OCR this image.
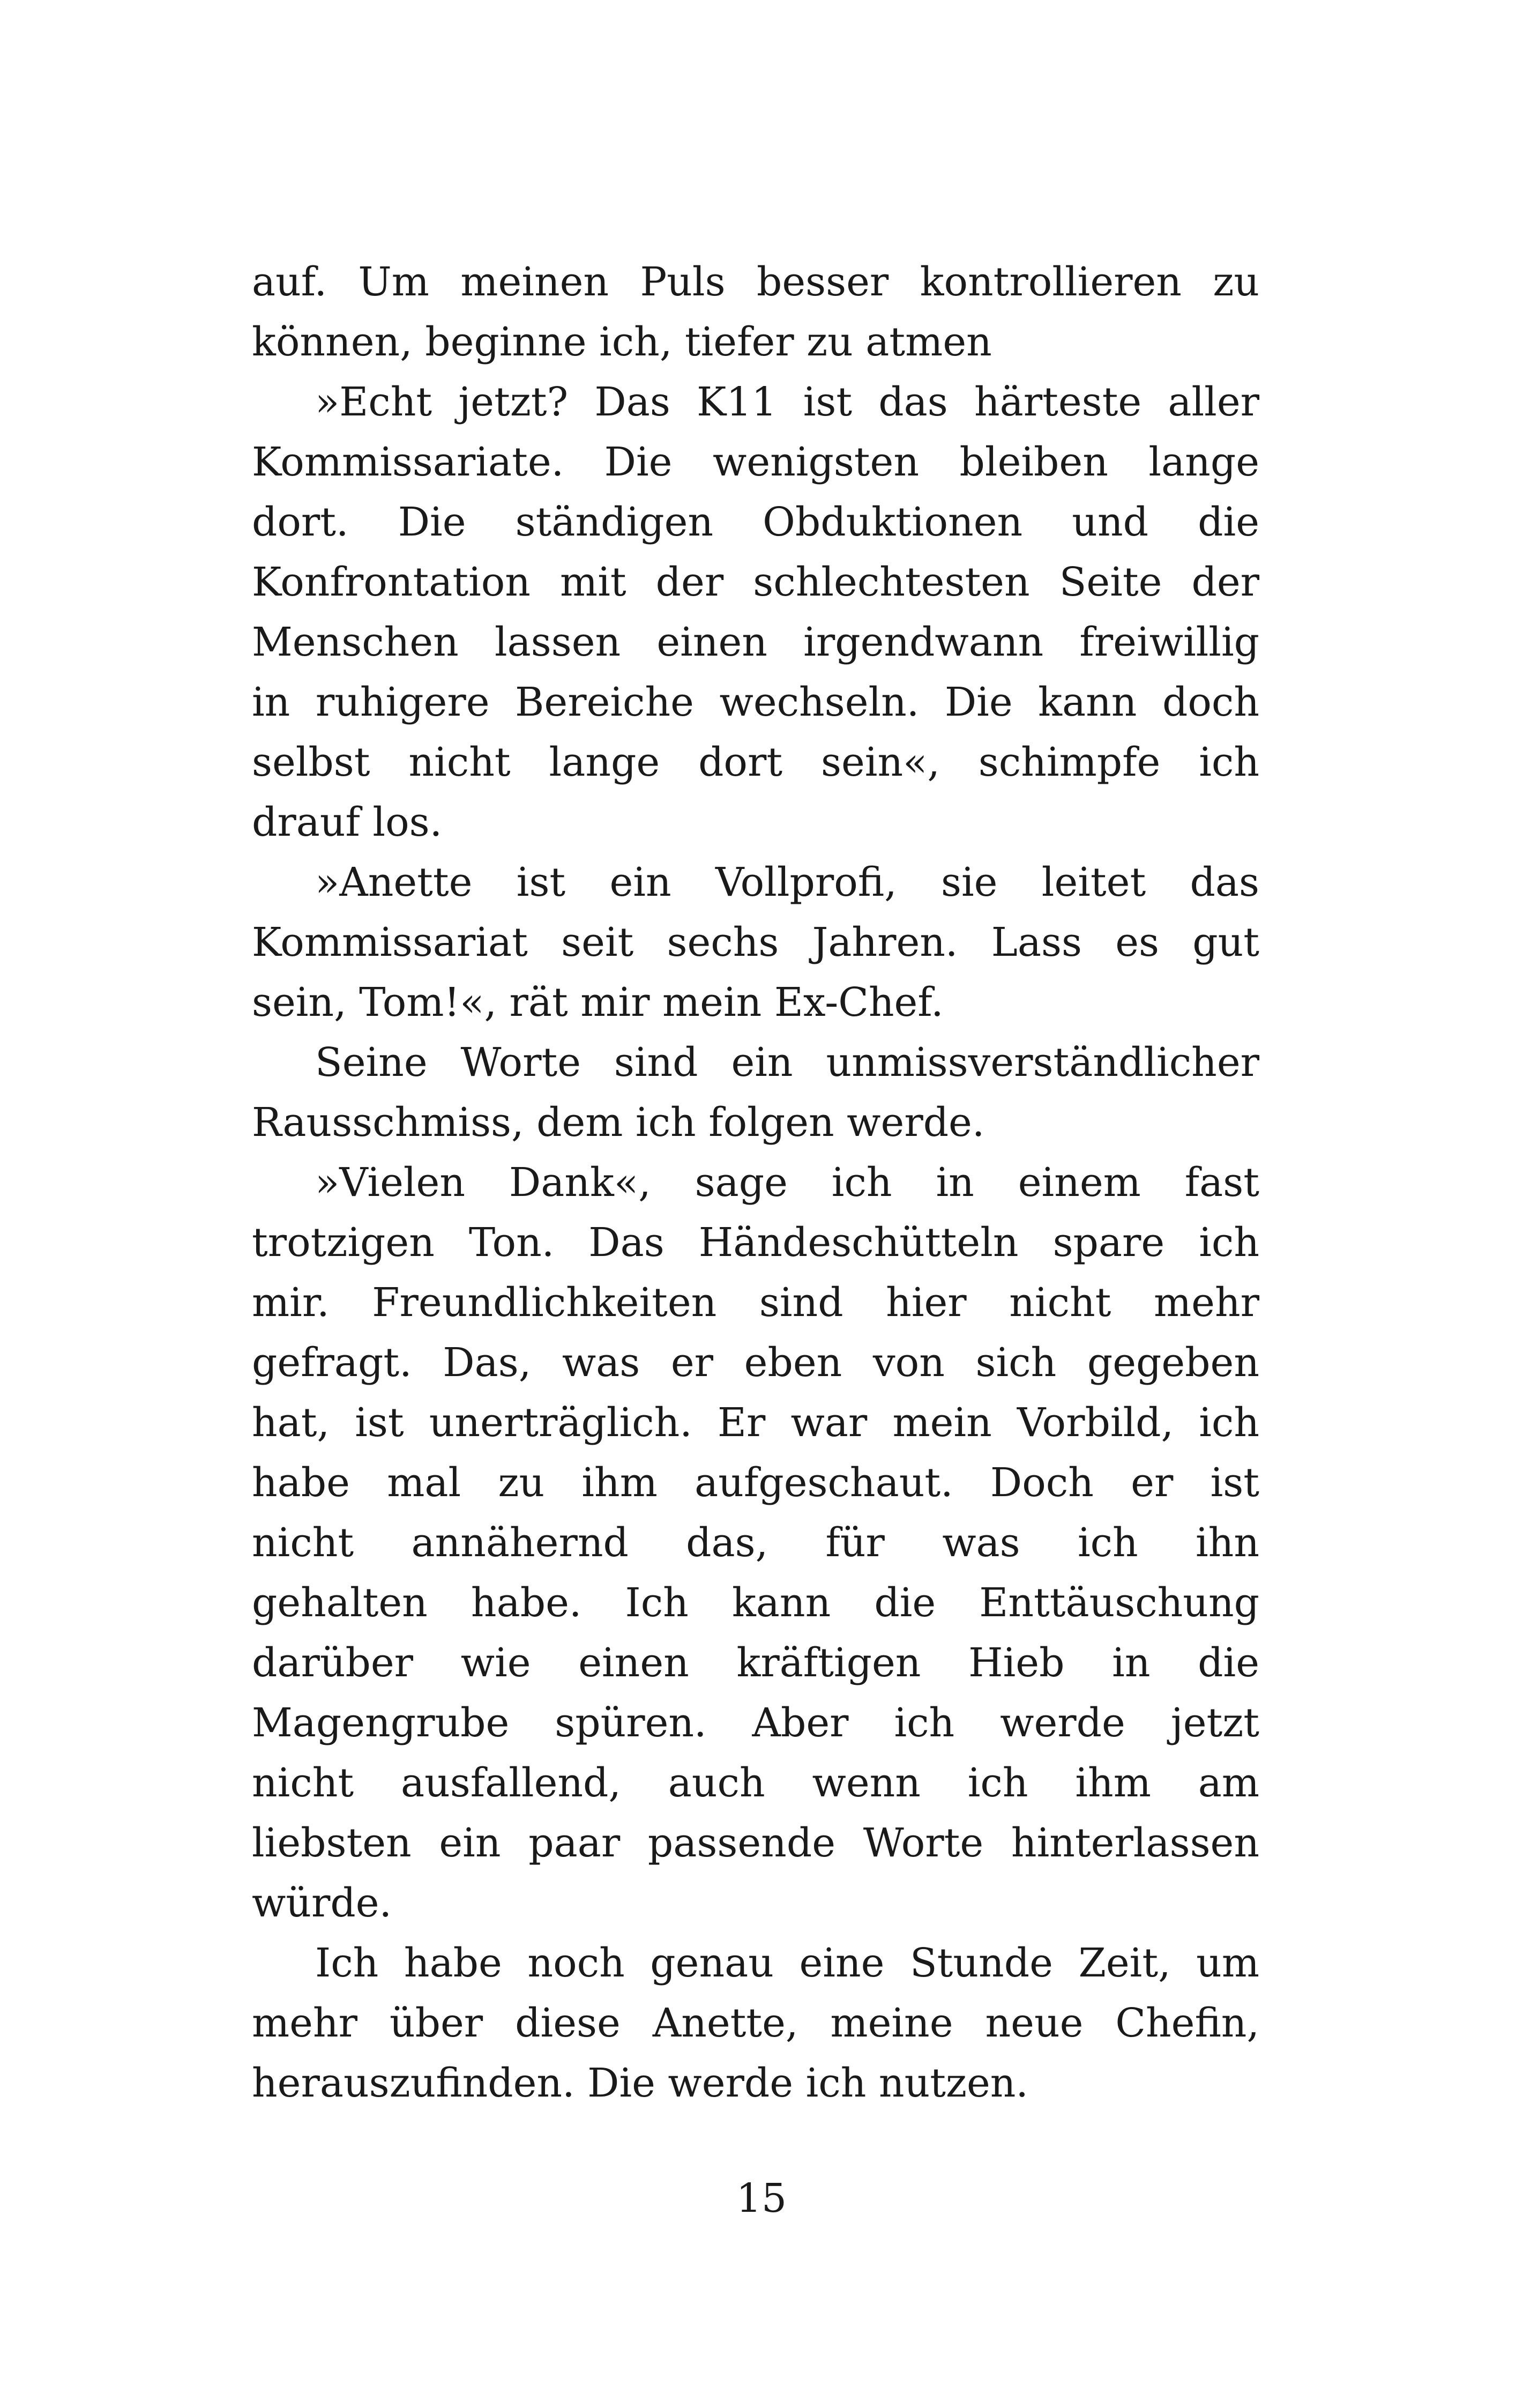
auf. Um meinen Puls besser kontrollieren zu
können, beginne ich, tiefer zu atmen
»Echt jetzt? Das K11 ist das härteste aller
Kommissariate. Die wenigsten bleiben lange
dort. Die ständigen Obduktionen und die
Konfrontation mit der schlechtesten Seite der
Menschen lassen einen irgendwann freiwillig
in ruhigere Bereiche wechseln. Die kann doch
selbst nicht lange dort sein«, schimpfe ich
drauf los.
»Anette ist ein Vollprofi, sie leitet das
Kommissariat seit sechs Jahren. Lass es gut
sein, Tom!«, rät mir mein Ex-Chef.
Seine Worte sind ein unmissverständlicher
Rausschmiss, dem ich folgen werde.
»Vielen Dank«, sage ich in einem fast
trotzigen Ton. Das Händeschütteln spare ich
mir. Freundlichkeiten sind hier nicht mehr
gefragt. Das, was er eben von sich gegeben
hat, ist unerträglich. Er war mein Vorbild, ich
habe mal zu ihm aufgeschaut. Doch er ist
nicht annähernd das, für was ich ihn
gehalten habe. Ich kann die Enttäuschung
darüber wie einen kräftigen Hieb in die
Magengrube spüren. Aber ich werde jetzt
nicht ausfallend, auch wenn ich ihm am
liebsten ein paar passende Worte hinterlassen
würde.
Ich habe noch genau eine Stunde Zeit, um
mehr über diese Anette, meine neue Chefin,
herauszufinden. Die werde ich nutzen.
15
